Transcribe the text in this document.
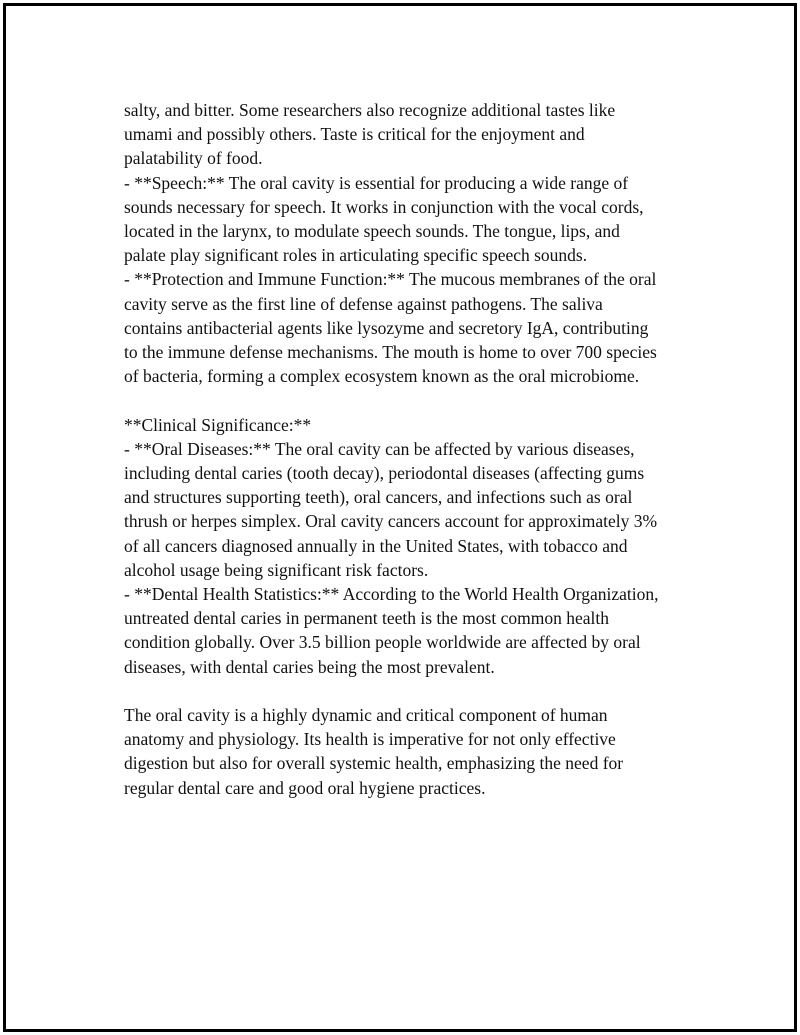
salty, and bitter. Some researchers also recognize additional tastes like
umami and possibly others. Taste is critical for the enjoyment and
palatability of food.
- **Speech:** The oral cavity is essential for producing a wide range of
sounds necessary for speech. It works in conjunction with the vocal cords,
located in the larynx, to modulate speech sounds. The tongue, lips, and
palate play significant roles in articulating specific speech sounds.
- **Protection and Immune Function:** The mucous membranes of the oral
cavity serve as the first line of defense against pathogens. The saliva
contains antibacterial agents like lysozyme and secretory IgA, contributing
to the immune defense mechanisms. The mouth is home to over 700 species
of bacteria, forming a complex ecosystem known as the oral microbiome.
**Clinical Significance:**
- **Oral Diseases:** The oral cavity can be affected by various diseases,
including dental caries (tooth decay), periodontal diseases (affecting gums
and structures supporting teeth), oral cancers, and infections such as oral
thrush or herpes simplex. Oral cavity cancers account for approximately 3%
of all cancers diagnosed annually in the United States, with tobacco and
alcohol usage being significant risk factors.
- **Dental Health Statistics:** According to the World Health Organization,
untreated dental caries in permanent teeth is the most common health
condition globally. Over 3.5 billion people worldwide are affected by oral
diseases, with dental caries being the most prevalent.
The oral cavity is a highly dynamic and critical component of human
anatomy and physiology. Its health is imperative for not only effective
digestion but also for overall systemic health, emphasizing the need for
regular dental care and good oral hygiene practices.
